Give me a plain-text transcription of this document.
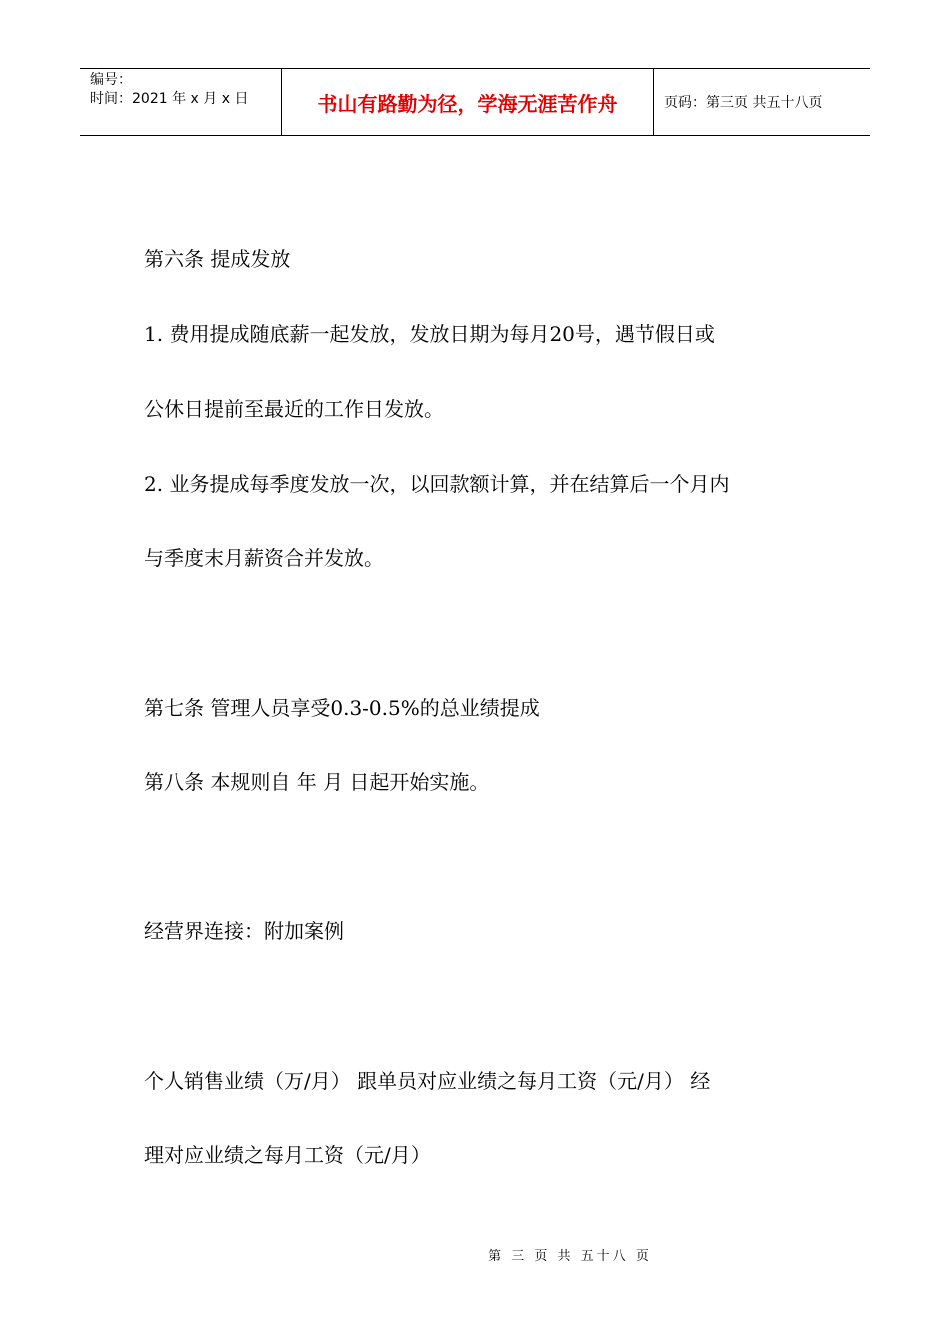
编号：
时间：2021 年 x 月 x 日	书山有路勤为径，学海无涯苦作舟	页码：第三页 共五十八页
第六条 提成发放
1. 费用提成随底薪一起发放，发放日期为每月20号，遇节假日或
公休日提前至最近的工作日发放。
2. 业务提成每季度发放一次，以回款额计算，并在结算后一个月内
与季度末月薪资合并发放。
第七条 管理人员享受0.3-0.5%的总业绩提成
第八条 本规则自 年 月 日起开始实施。
经营界连接：附加案例
个人销售业绩（万/月） 跟单员对应业绩之每月工资（元/月） 经
理对应业绩之每月工资（元/月）
第 三 页 共 五十八 页
